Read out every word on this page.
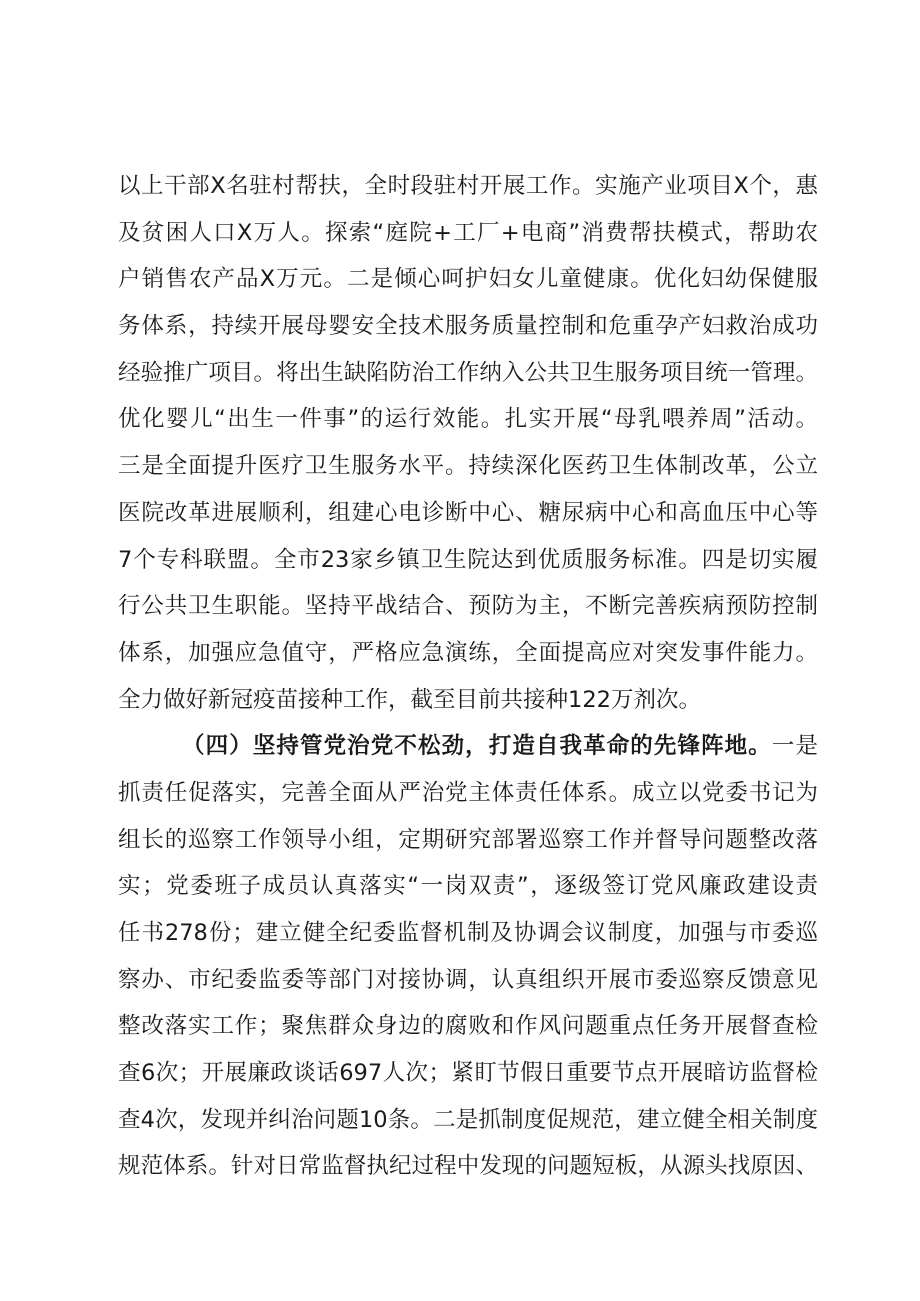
以上干部X名驻村帮扶，全时段驻村开展工作。实施产业项目X个，惠
及贫困人口X万人。探索“庭院+工厂+电商”消费帮扶模式，帮助农
户销售农产品X万元。二是倾心呵护妇女儿童健康。优化妇幼保健服
务体系，持续开展母婴安全技术服务质量控制和危重孕产妇救治成功
经验推广项目。将出生缺陷防治工作纳入公共卫生服务项目统一管理。
优化婴儿“出生一件事”的运行效能。扎实开展“母乳喂养周”活动。
三是全面提升医疗卫生服务水平。持续深化医药卫生体制改革，公立
医院改革进展顺利，组建心电诊断中心、糖尿病中心和高血压中心等
7个专科联盟。全市23家乡镇卫生院达到优质服务标准。四是切实履
行公共卫生职能。坚持平战结合、预防为主，不断完善疾病预防控制
体系，加强应急值守，严格应急演练，全面提高应对突发事件能力。
全力做好新冠疫苗接种工作，截至目前共接种122万剂次。
（四）坚持管党治党不松劲，打造自我革命的先锋阵地。一是
抓责任促落实，完善全面从严治党主体责任体系。成立以党委书记为
组长的巡察工作领导小组，定期研究部署巡察工作并督导问题整改落
实；党委班子成员认真落实“一岗双责”，逐级签订党风廉政建设责
任书278份；建立健全纪委监督机制及协调会议制度，加强与市委巡
察办、市纪委监委等部门对接协调，认真组织开展市委巡察反馈意见
整改落实工作；聚焦群众身边的腐败和作风问题重点任务开展督查检
查6次；开展廉政谈话697人次；紧盯节假日重要节点开展暗访监督检
查4次，发现并纠治问题10条。二是抓制度促规范，建立健全相关制度
规范体系。针对日常监督执纪过程中发现的问题短板，从源头找原因、
